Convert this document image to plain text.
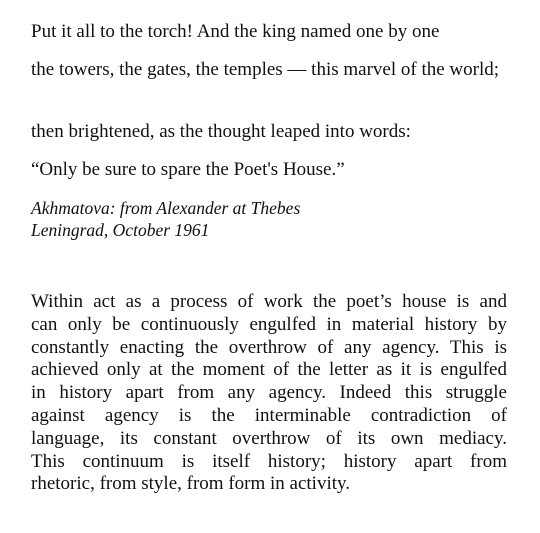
Put it all to the torch! And the king named one by one

the towers, the gates, the temples — this marvel of the world;

then brightened, as the thought leaped into words:

“Only be sure to spare the Poet's House.”

Akhmatova: from Alexander at Thebes
Leningrad, October 1961

Within act as a process of work the poet’s house is and
can only be continuously engulfed in material history by
constantly enacting the overthrow of any agency. This is
achieved only at the moment of the letter as it is engulfed
in history apart from any agency. Indeed this struggle
against agency is the interminable contradiction of
language, its constant overthrow of its own mediacy.
This continuum is itself history; history apart from
rhetoric, from style, from form in activity.
